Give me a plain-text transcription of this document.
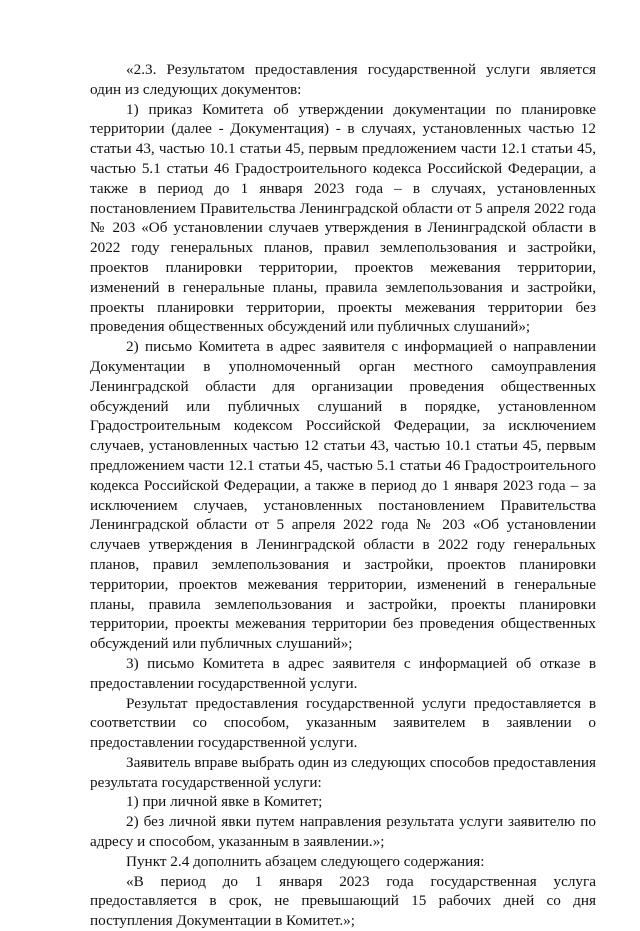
«2.3. Результатом предоставления государственной услуги является один из следующих документов:

1) приказ Комитета об утверждении документации по планировке территории (далее - Документация) - в случаях, установленных частью 12 статьи 43, частью 10.1 статьи 45, первым предложением части 12.1 статьи 45, частью 5.1 статьи 46 Градостроительного кодекса Российской Федерации, а также в период до 1 января 2023 года – в случаях, установленных постановлением Правительства Ленинградской области от 5 апреля 2022 года № 203 «Об установлении случаев утверждения в Ленинградской области в 2022 году генеральных планов, правил землепользования и застройки, проектов планировки территории, проектов межевания территории, изменений в генеральные планы, правила землепользования и застройки, проекты планировки территории, проекты межевания территории без проведения общественных обсуждений или публичных слушаний»;

2) письмо Комитета в адрес заявителя с информацией о направлении Документации в уполномоченный орган местного самоуправления Ленинградской области для организации проведения общественных обсуждений или публичных слушаний в порядке, установленном Градостроительным кодексом Российской Федерации, за исключением случаев, установленных частью 12 статьи 43, частью 10.1 статьи 45, первым предложением части 12.1 статьи 45, частью 5.1 статьи 46 Градостроительного кодекса Российской Федерации, а также в период до 1 января 2023 года – за исключением случаев, установленных постановлением Правительства Ленинградской области от 5 апреля 2022 года № 203 «Об установлении случаев утверждения в Ленинградской области в 2022 году генеральных планов, правил землепользования и застройки, проектов планировки территории, проектов межевания территории, изменений в генеральные планы, правила землепользования и застройки, проекты планировки территории, проекты межевания территории без проведения общественных обсуждений или публичных слушаний»;

3) письмо Комитета в адрес заявителя с информацией об отказе в предоставлении государственной услуги.

Результат предоставления государственной услуги предоставляется в соответствии со способом, указанным заявителем в заявлении о предоставлении государственной услуги.

Заявитель вправе выбрать один из следующих способов предоставления результата государственной услуги:

1) при личной явке в Комитет;

2) без личной явки путем направления результата услуги заявителю по адресу и способом, указанным в заявлении.»;

Пункт 2.4 дополнить абзацем следующего содержания:

«В период до 1 января 2023 года государственная услуга предоставляется в срок, не превышающий 15 рабочих дней со дня поступления Документации в Комитет.»;
